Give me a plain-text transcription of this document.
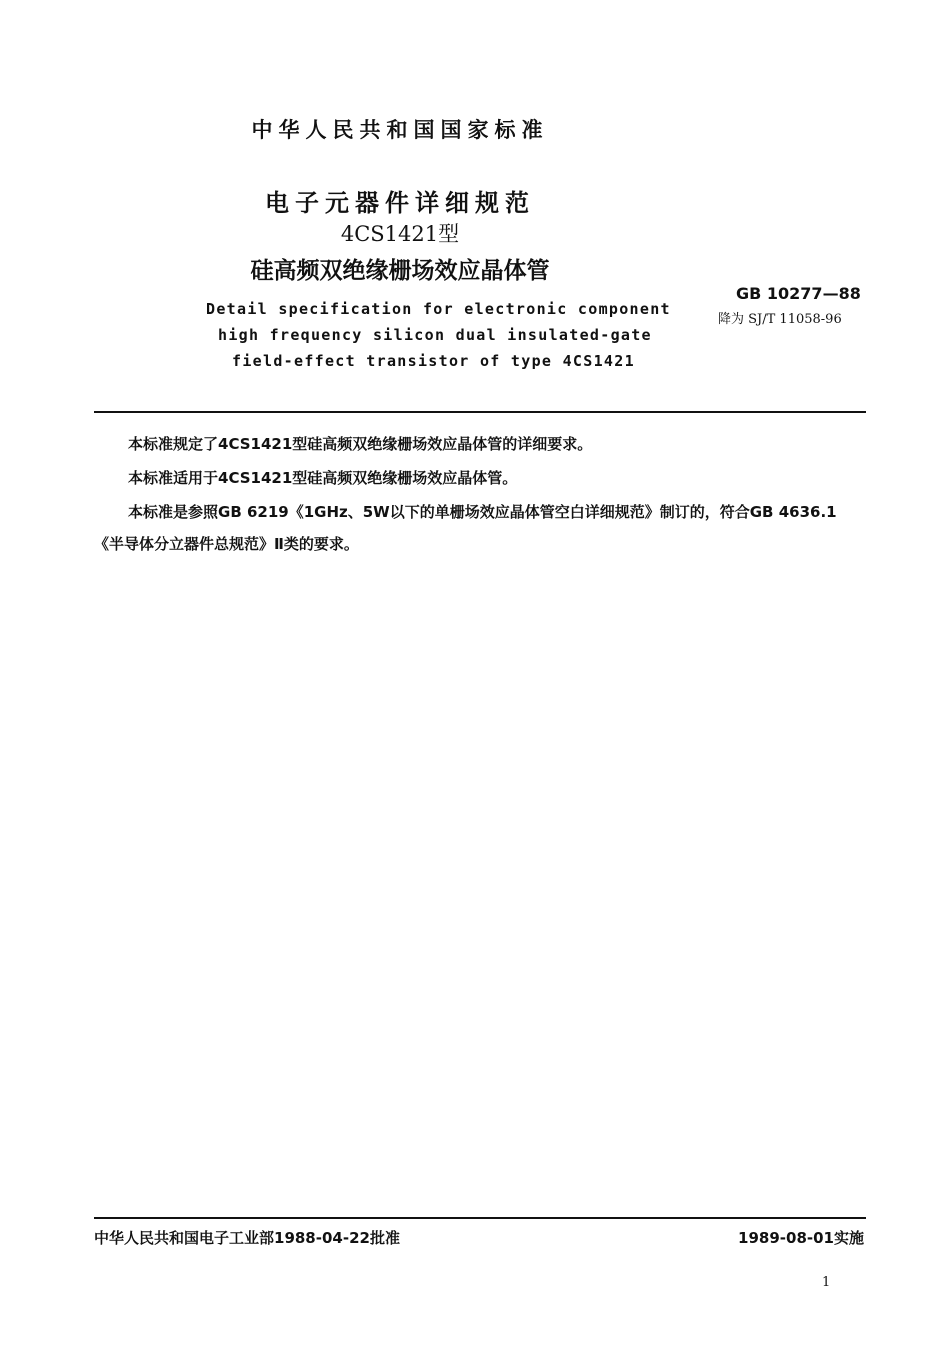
中华人民共和国国家标准
电子元器件详细规范
4CS1421型
硅高频双绝缘栅场效应晶体管
Detail specification for electronic component
high frequency silicon dual insulated-gate
field-effect transistor of type 4CS1421
GB 10277—88
降为 SJ/T 11058-96
本标准规定了4CS1421型硅高频双绝缘栅场效应晶体管的详细要求。
本标准适用于4CS1421型硅高频双绝缘栅场效应晶体管。
本标准是参照GB 6219《1GHz、5W以下的单栅场效应晶体管空白详细规范》制订的，符合GB 4636.1《半导体分立器件总规范》Ⅱ类的要求。
中华人民共和国电子工业部1988-04-22批准	1989-08-01实施
1
